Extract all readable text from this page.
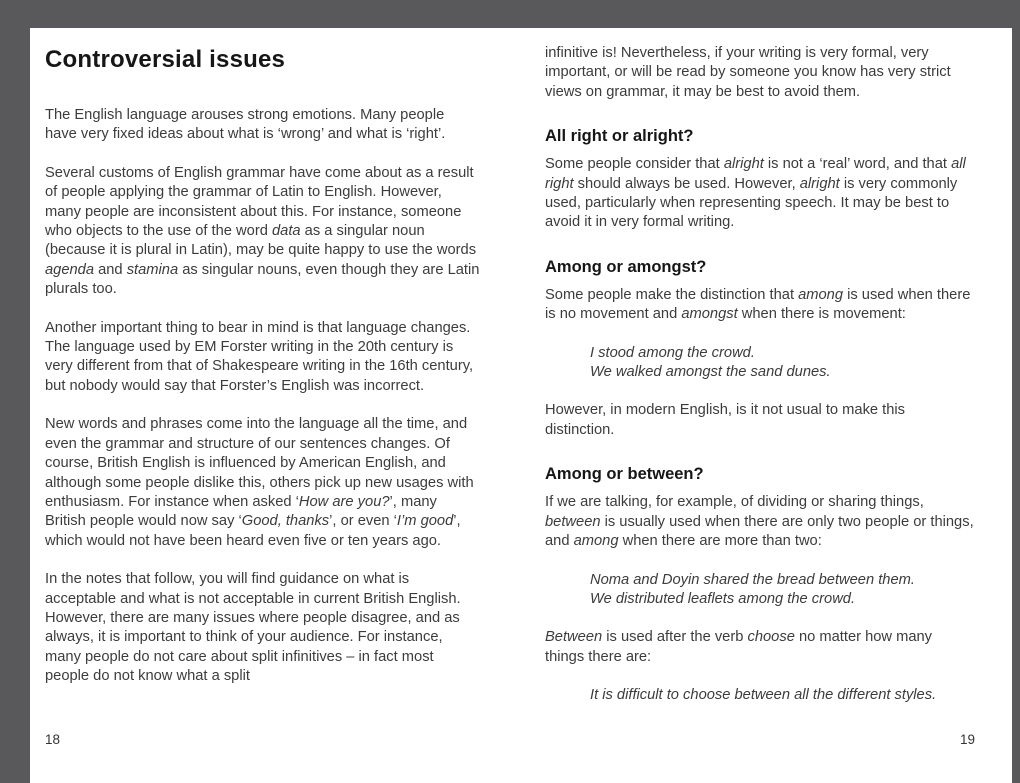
Controversial issues

The English language arouses strong emotions. Many people have very fixed ideas about what is ‘wrong’ and what is ‘right’.

Several customs of English grammar have come about as a result of people applying the grammar of Latin to English. However, many people are inconsistent about this. For instance, someone who objects to the use of the word data as a singular noun (because it is plural in Latin), may be quite happy to use the words agenda and stamina as singular nouns, even though they are Latin plurals too.

Another important thing to bear in mind is that language changes. The language used by EM Forster writing in the 20th century is very different from that of Shakespeare writing in the 16th century, but nobody would say that Forster’s English was incorrect.

New words and phrases come into the language all the time, and even the grammar and structure of our sentences changes. Of course, British English is influenced by American English, and although some people dislike this, others pick up new usages with enthusiasm. For instance when asked ‘How are you?’, many British people would now say ‘Good, thanks’, or even ‘I’m good’, which would not have been heard even five or ten years ago.

In the notes that follow, you will find guidance on what is acceptable and what is not acceptable in current British English. However, there are many issues where people disagree, and as always, it is important to think of your audience. For instance, many people do not care about split infinitives – in fact most people do not know what a split

18

infinitive is! Nevertheless, if your writing is very formal, very important, or will be read by someone you know has very strict views on grammar, it may be best to avoid them.

All right or alright?

Some people consider that alright is not a ‘real’ word, and that all right should always be used. However, alright is very commonly used, particularly when representing speech. It may be best to avoid it in very formal writing.

Among or amongst?

Some people make the distinction that among is used when there is no movement and amongst when there is movement:

I stood among the crowd.
We walked amongst the sand dunes.

However, in modern English, is it not usual to make this distinction.

Among or between?

If we are talking, for example, of dividing or sharing things, between is usually used when there are only two people or things, and among when there are more than two:

Noma and Doyin shared the bread between them.
We distributed leaflets among the crowd.

Between is used after the verb choose no matter how many things there are:

It is difficult to choose between all the different styles.
19
